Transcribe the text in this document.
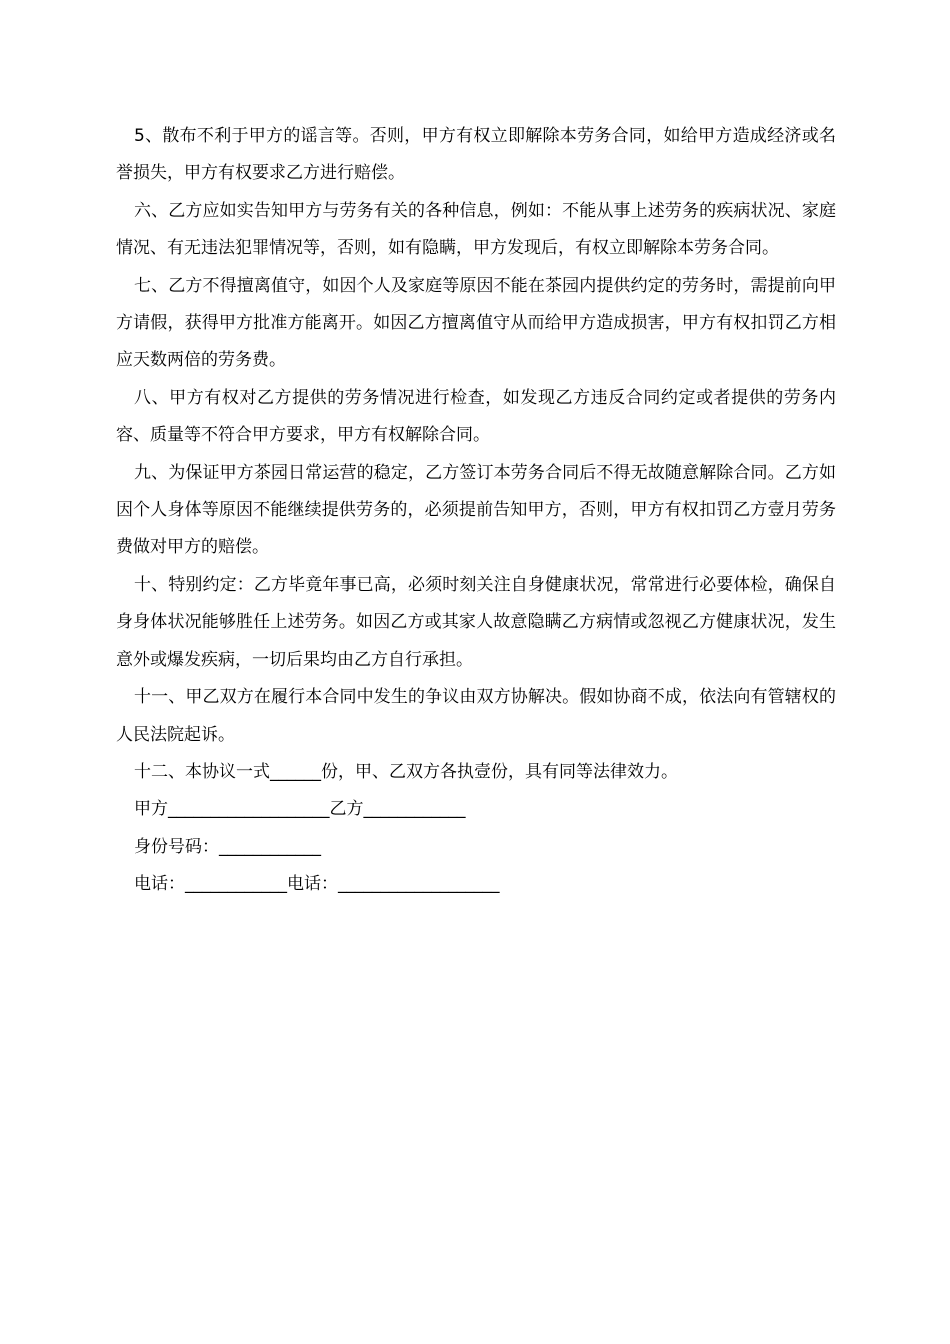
5、散布不利于甲方的谣言等。否则，甲方有权立即解除本劳务合同，如给甲方造成经济或名誉损失，甲方有权要求乙方进行赔偿。

六、乙方应如实告知甲方与劳务有关的各种信息，例如：不能从事上述劳务的疾病状况、家庭情况、有无违法犯罪情况等，否则，如有隐瞒，甲方发现后，有权立即解除本劳务合同。

七、乙方不得擅离值守，如因个人及家庭等原因不能在茶园内提供约定的劳务时，需提前向甲方请假，获得甲方批准方能离开。如因乙方擅离值守从而给甲方造成损害，甲方有权扣罚乙方相应天数两倍的劳务费。

八、甲方有权对乙方提供的劳务情况进行检查，如发现乙方违反合同约定或者提供的劳务内容、质量等不符合甲方要求，甲方有权解除合同。

九、为保证甲方茶园日常运营的稳定，乙方签订本劳务合同后不得无故随意解除合同。乙方如因个人身体等原因不能继续提供劳务的，必须提前告知甲方，否则，甲方有权扣罚乙方壹月劳务费做对甲方的赔偿。

十、特别约定：乙方毕竟年事已高，必须时刻关注自身健康状况，常常进行必要体检，确保自身身体状况能够胜任上述劳务。如因乙方或其家人故意隐瞒乙方病情或忽视乙方健康状况，发生意外或爆发疾病，一切后果均由乙方自行承担。

十一、甲乙双方在履行本合同中发生的争议由双方协解决。假如协商不成，依法向有管辖权的人民法院起诉。

十二、本协议一式______份，甲、乙双方各执壹份，具有同等法律效力。

甲方___________________乙方____________
身份号码：____________
电话：____________电话：___________________
